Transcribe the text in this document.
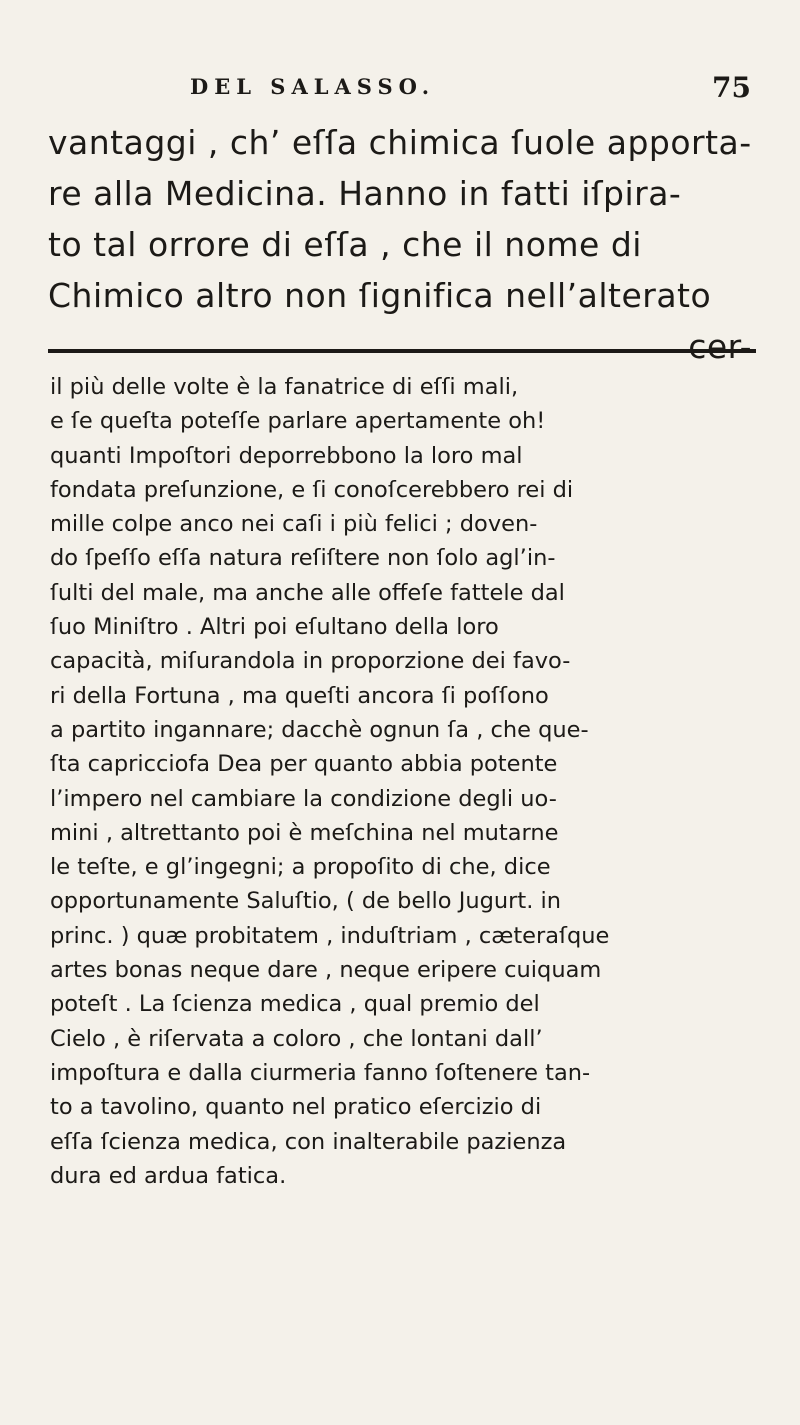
DEL SALASSO.	75
vantaggi , ch’ eſſa chimica ſuole apporta-
re alla Medicina. Hanno in fatti iſpira-
to tal orrore di eſſa , che il nome di
Chimico altro non ſignifica nell’alterato
cer-
il più delle volte è la fanatrice di eſſi mali,
e ſe queſta poteſſe parlare apertamente oh!
quanti Impoſtori deporrebbono la loro mal
fondata preſunzione, e ſi conoſcerebbero rei di
mille colpe anco nei caſi i più felici ; doven-
do ſpeſſo eſſa natura reſiſtere non ſolo agl’in-
ſulti del male, ma anche alle offeſe fattele dal
ſuo Miniſtro . Altri poi eſultano della loro
capacità, miſurandola in proporzione dei favo-
ri della Fortuna , ma queſti ancora ſi poſſono
a partito ingannare; dacchè ognun ſa , che que-
ſta capricciofa Dea per quanto abbia potente
l’impero nel cambiare la condizione degli uo-
mini , altrettanto poi è meſchina nel mutarne
le teſte, e gl’ingegni; a propoſito di che, dice
opportunamente Saluſtio, ( de bello Jugurt. in
princ. ) quæ probitatem , induſtriam , cæteraſque
artes bonas neque dare , neque eripere cuiquam
poteſt . La ſcienza medica , qual premio del
Cielo , è riſervata a coloro , che lontani dall’
impoſtura e dalla ciurmeria fanno ſoſtenere tan-
to a tavolino, quanto nel pratico eſercizio di
eſſa ſcienza medica, con inalterabile pazienza
dura ed ardua fatica.
